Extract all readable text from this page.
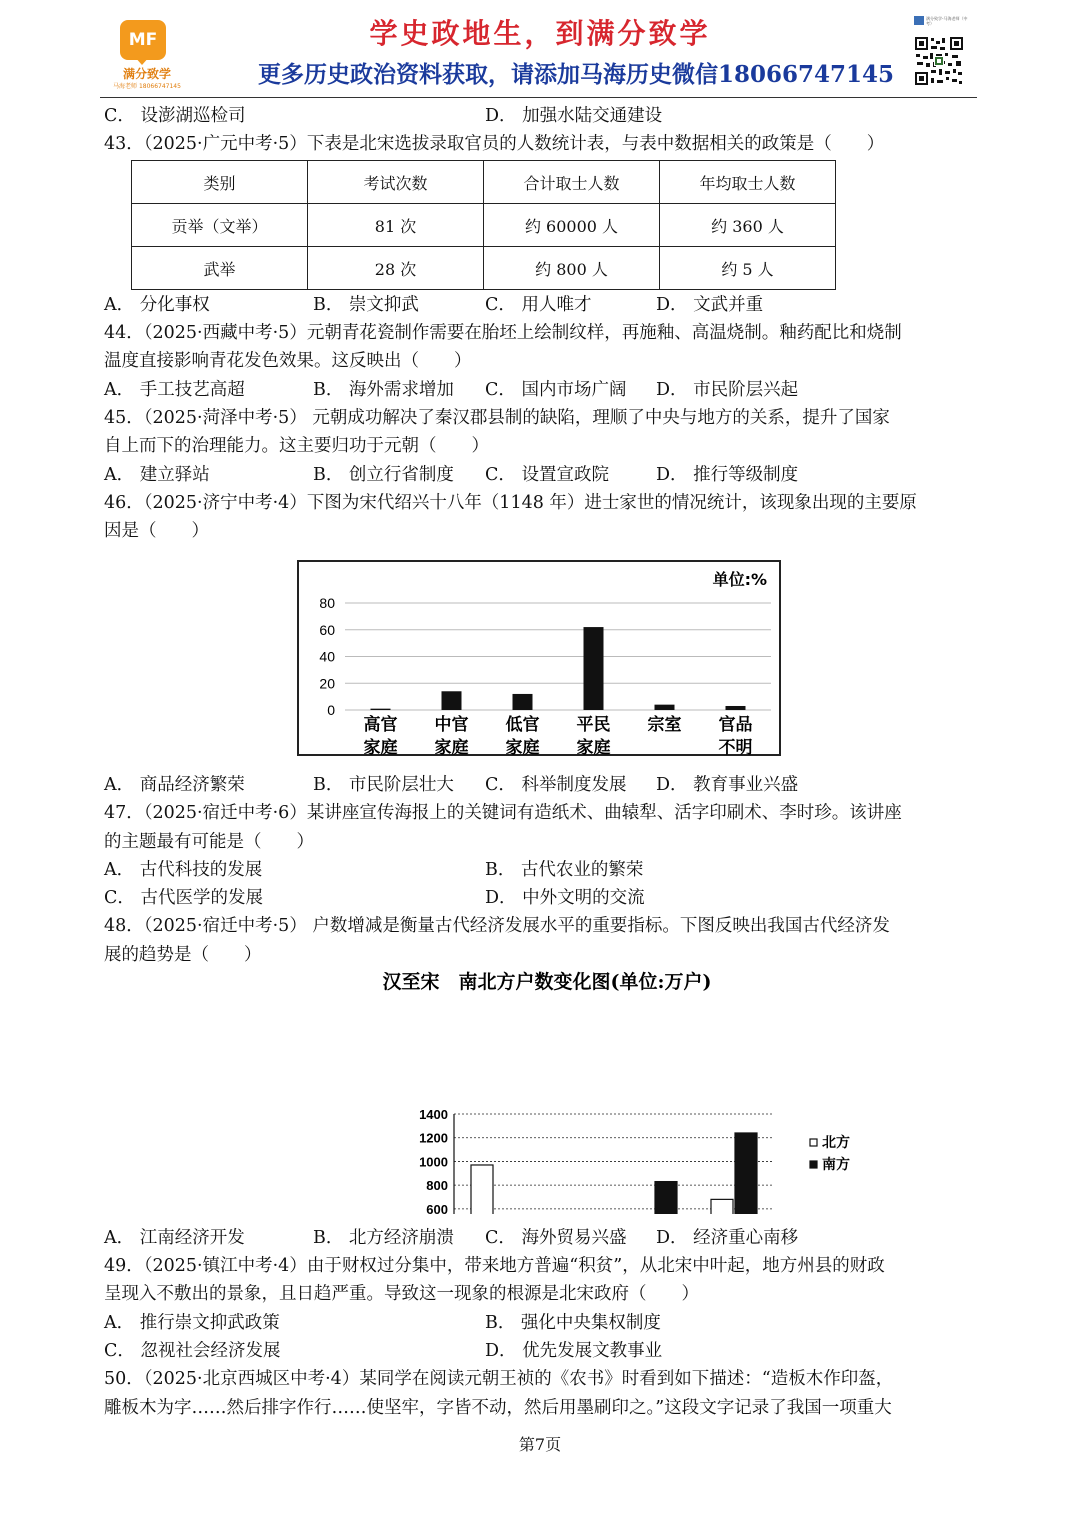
MF
满分致学
马海老师 18066747145
学史政地生，到满分致学
更多历史政治资料获取，请添加马海历史微信18066747145
满分致学-马海老师（中考）
C． 设澎湖巡检司	D． 加强水陆交通建设
43．（2025·广元中考·5）下表是北宋选拔录取官员的人数统计表，与表中数据相关的政策是（　　）
类别	考试次数	合计取士人数	年均取士人数
贡举（文举）	81 次	约 60000 人	约 360 人
武举	28 次	约 800 人	约 5 人
A． 分化事权	B． 崇文抑武	C． 用人唯才	D． 文武并重
44．（2025·西藏中考·5）元朝青花瓷制作需要在胎坯上绘制纹样，再施釉、高温烧制。釉药配比和烧制
温度直接影响青花发色效果。这反映出（　　）
A． 手工技艺高超	B． 海外需求增加 C． 国内市场广阔 D． 市民阶层兴起
45．（2025·菏泽中考·5） 元朝成功解决了秦汉郡县制的缺陷，理顺了中央与地方的关系，提升了国家
自上而下的治理能力。这主要归功于元朝（　　）
A． 建立驿站	B． 创立行省制度 C． 设置宣政院	D． 推行等级制度
46．（2025·济宁中考·4）下图为宋代绍兴十八年（1148 年）进士家世的情况统计，该现象出现的主要原
因是（　　）
0
20
40
60
80
单位:%
高官
家庭
中官
家庭
低官
家庭
平民
家庭
宗室 官品
不明
A． 商品经济繁荣	B． 市民阶层壮大 C． 科举制度发展 D． 教育事业兴盛
47．（2025·宿迁中考·6）某讲座宣传海报上的关键词有造纸术、曲辕犁、活字印刷术、李时珍。该讲座
的主题最有可能是（　　）
A． 古代科技的发展	B． 古代农业的繁荣
C． 古代医学的发展	D． 中外文明的交流
48．（2025·宿迁中考·5） 户数增减是衡量古代经济发展水平的重要指标。下图反映出我国古代经济发
展的趋势是（　　）
汉至宋　南北方户数变化图(单位:万户)
600
800
1000
1200
1400
北方
南方
A． 江南经济开发	B． 北方经济崩溃 C． 海外贸易兴盛 D． 经济重心南移
49．（2025·镇江中考·4）由于财权过分集中，带来地方普遍“积贫”，从北宋中叶起，地方州县的财政
呈现入不敷出的景象，且日趋严重。导致这一现象的根源是北宋政府（　　）
A． 推行崇文抑武政策	B． 强化中央集权制度
C． 忽视社会经济发展	D． 优先发展文教事业
50．（2025·北京西城区中考·4）某同学在阅读元朝王祯的《农书》时看到如下描述：“造板木作印盔，
雕板木为字……然后排字作行……使坚牢，字皆不动，然后用墨刷印之。”这段文字记录了我国一项重大
第7页
